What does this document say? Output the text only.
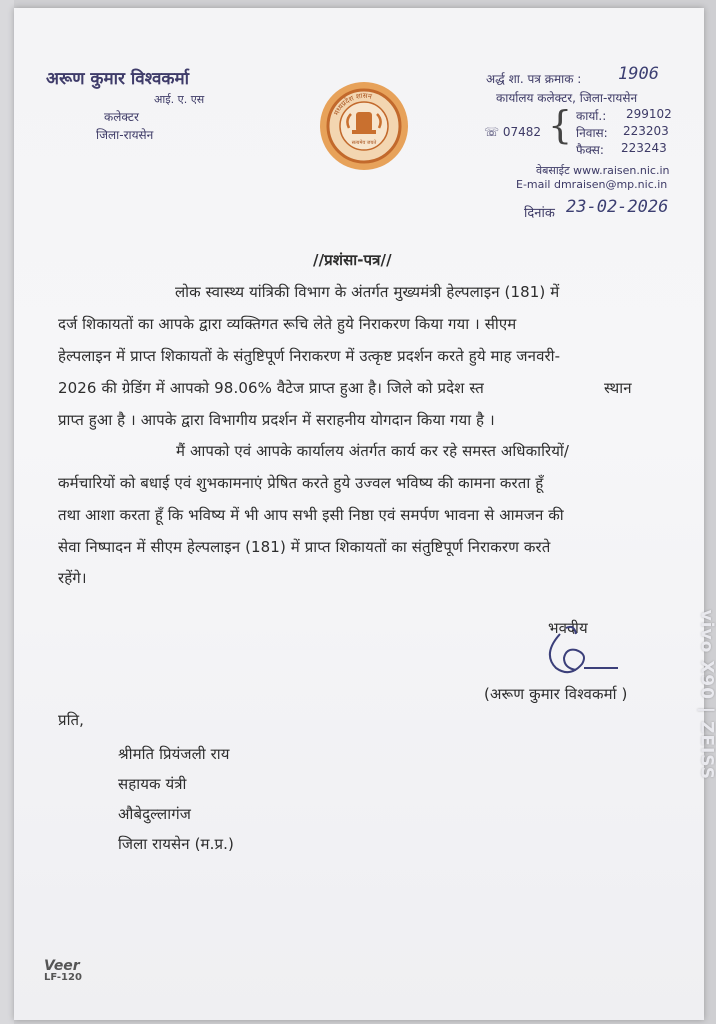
अरूण कुमार विश्वकर्मा
आई. ए. एस
कलेक्टर
जिला-रायसेन
मध्यप्रदेश शासन
सत्यमेव जयते
अर्द्ध शा. पत्र क्रमाक : 1906
कार्यालय कलेक्टर, जिला-रायसेन
☏ 07482 { कार्या.: 299102
निवास: 223203
फैक्स: 223243
वेबसाईट www.raisen.nic.in
E-mail dmraisen@mp.nic.in
दिनांक 23-02-2026
//प्रशंसा-पत्र//
लोक स्वास्थ्य यांत्रिकी विभाग के अंतर्गत मुख्यमंत्री हेल्पलाइन (181) में
दर्ज शिकायतों का आपके द्वारा व्यक्तिगत रूचि लेते हुये निराकरण किया गया । सीएम
हेल्पलाइन में प्राप्त शिकायतों के संतुष्टिपूर्ण निराकरण में उत्कृष्ट प्रदर्शन करते हुये माह जनवरी-
2026 की ग्रेडिंग में आपको 98.06% वैटेज प्राप्त हुआ है। जिले को प्रदेश स्त	स्थान
प्राप्त हुआ है । आपके द्वारा विभागीय प्रदर्शन में सराहनीय योगदान किया गया है ।
मैं आपको एवं आपके कार्यालय अंतर्गत कार्य कर रहे समस्त अधिकारियों/
कर्मचारियों को बधाई एवं शुभकामनाएं प्रेषित करते हुये उज्वल भविष्य की कामना करता हूँ
तथा आशा करता हूँ कि भविष्य में भी आप सभी इसी निष्ठा एवं समर्पण भावना से आमजन की
सेवा निष्पादन में सीएम हेल्पलाइन (181) में प्राप्त शिकायतों का संतुष्टिपूर्ण निराकरण करते
रहेंगे।
भवदीय
(अरूण कुमार विश्वकर्मा )
प्रति,
श्रीमति प्रियंजली राय
सहायक यंत्री
औबेदुल्लागंज
जिला रायसेन (म.प्र.)
Veer
LF-120
vivo X90 | ZEISS
